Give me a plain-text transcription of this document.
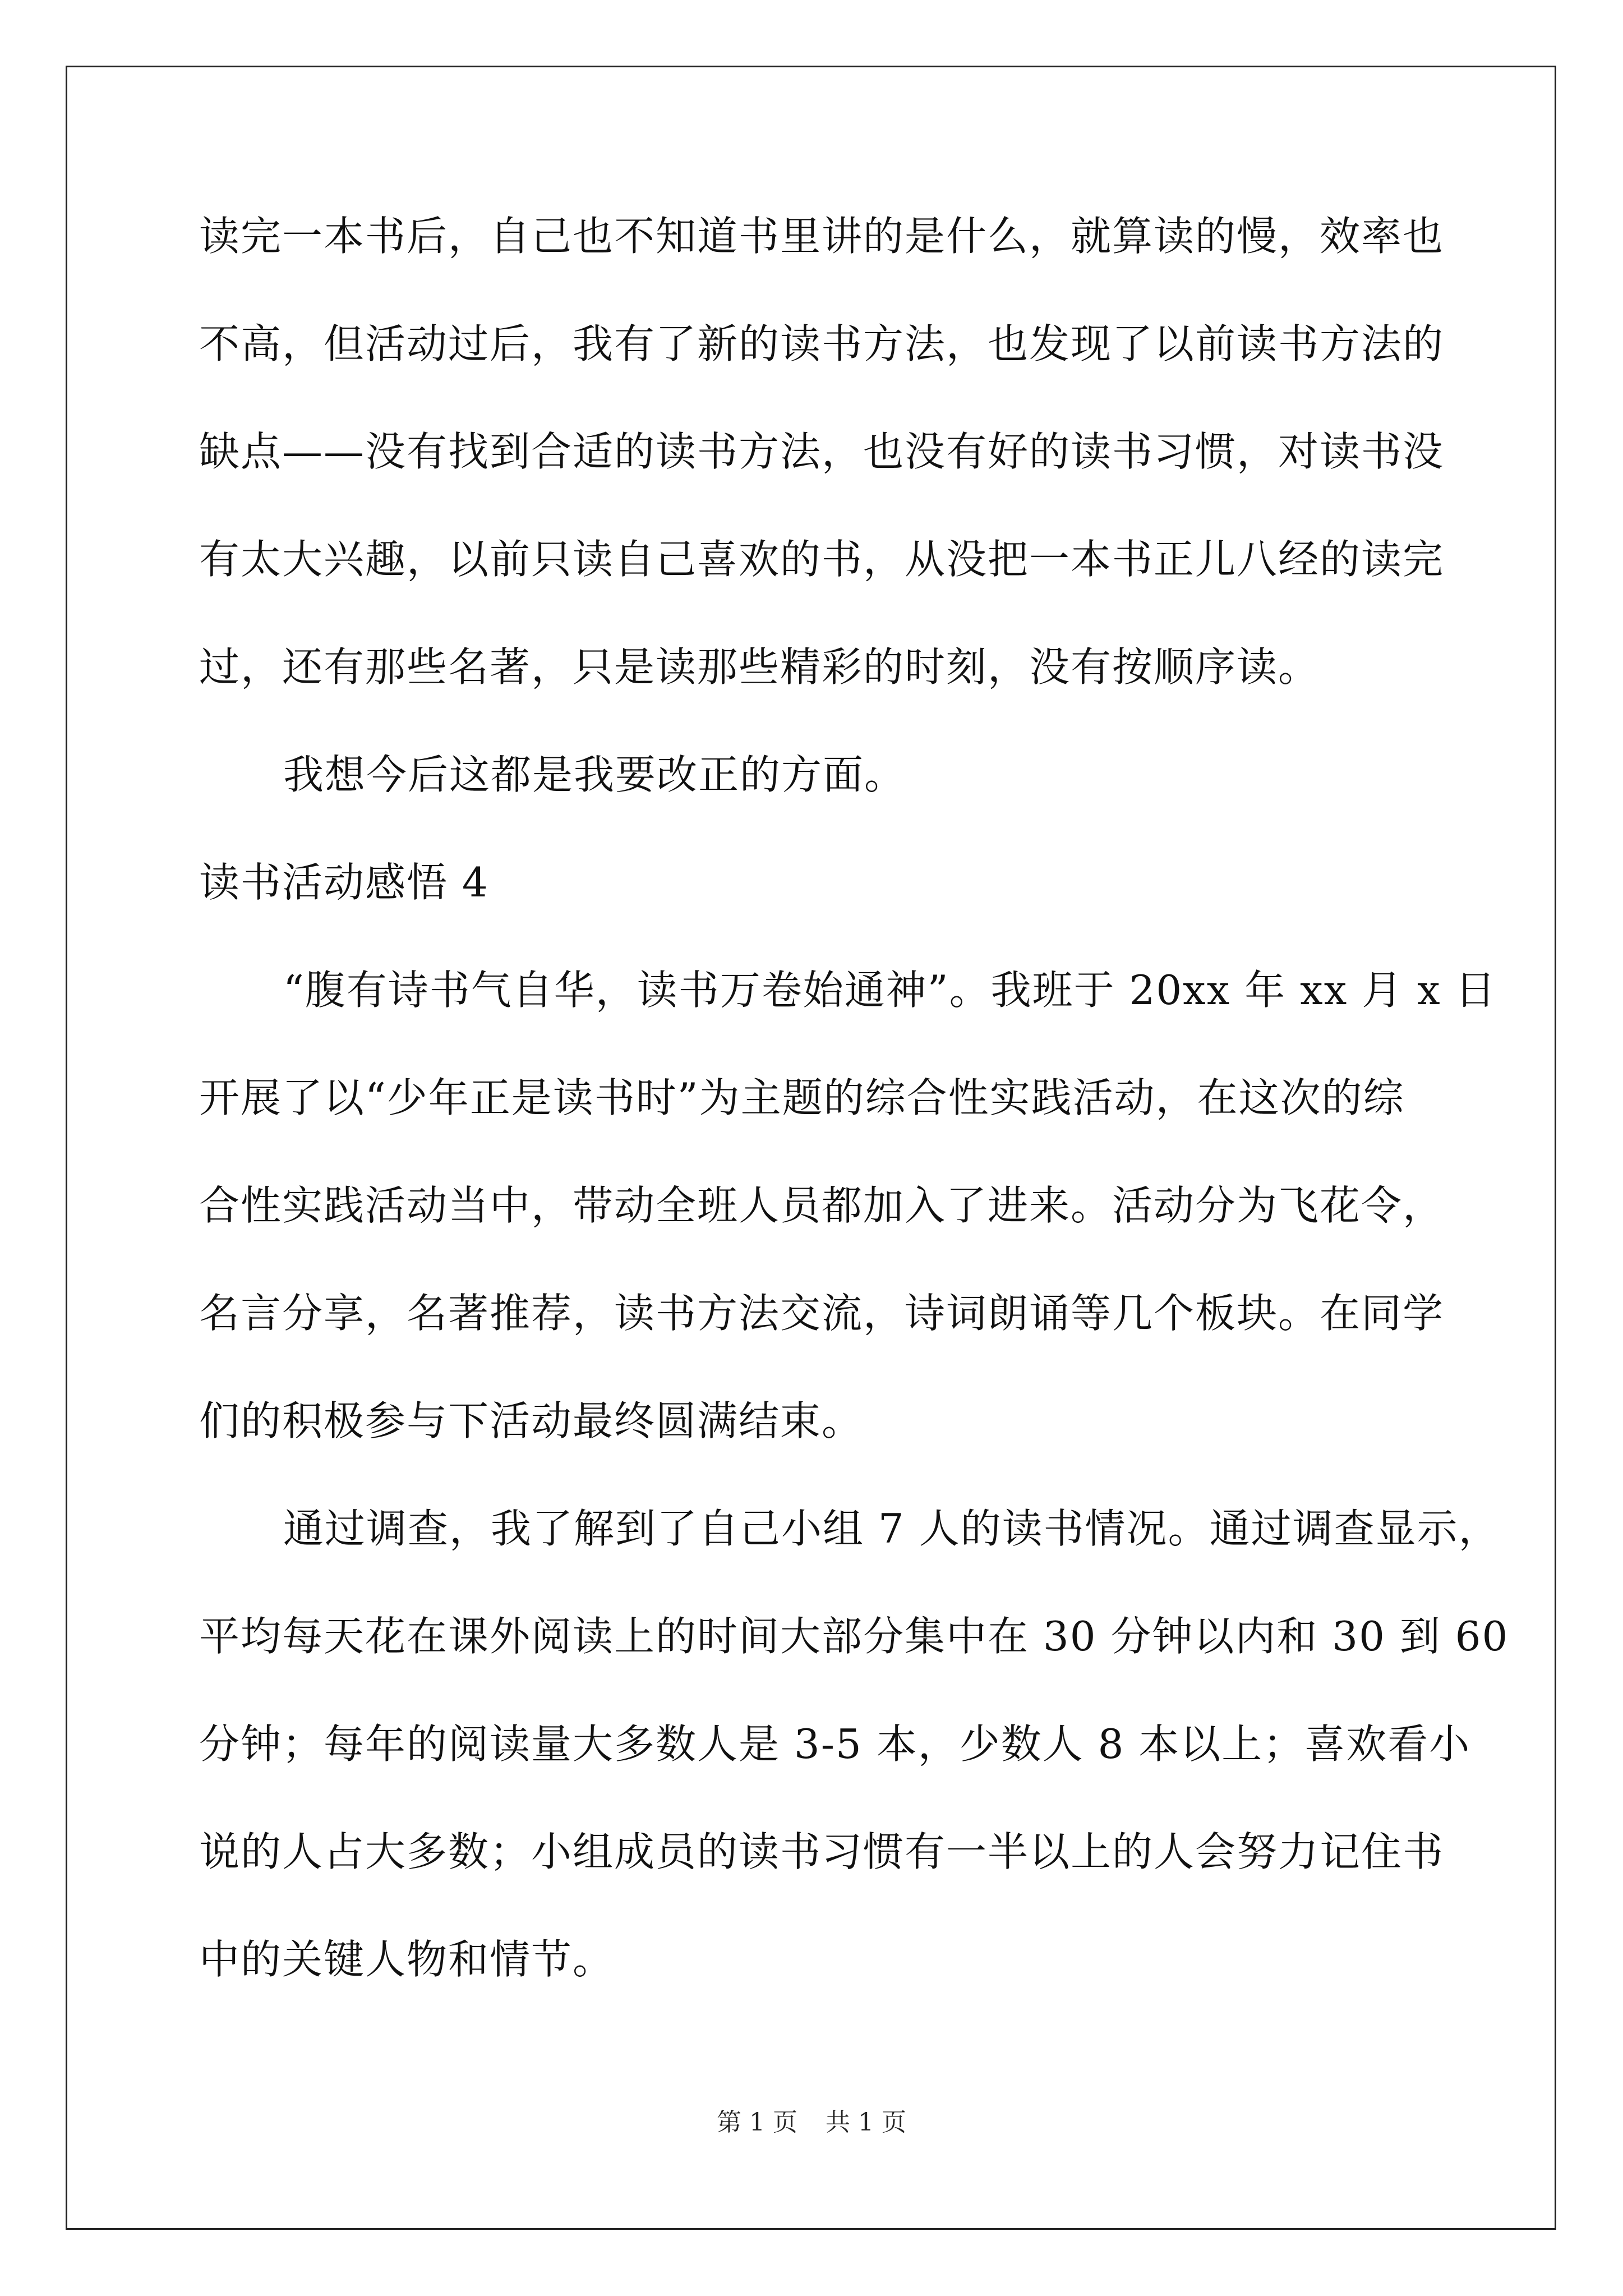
读完一本书后，自己也不知道书里讲的是什么，就算读的慢，效率也
不高，但活动过后，我有了新的读书方法，也发现了以前读书方法的
缺点——没有找到合适的读书方法，也没有好的读书习惯，对读书没
有太大兴趣，以前只读自己喜欢的书，从没把一本书正儿八经的读完
过，还有那些名著，只是读那些精彩的时刻，没有按顺序读。
我想今后这都是我要改正的方面。
读书活动感悟 4
“腹有诗书气自华，读书万卷始通神”。我班于 20xx 年 xx 月 x 日
开展了以“少年正是读书时”为主题的综合性实践活动，在这次的综
合性实践活动当中，带动全班人员都加入了进来。活动分为飞花令，
名言分享，名著推荐，读书方法交流，诗词朗诵等几个板块。在同学
们的积极参与下活动最终圆满结束。
通过调查，我了解到了自己小组 7 人的读书情况。通过调查显示，
平均每天花在课外阅读上的时间大部分集中在 30 分钟以内和 30 到 60
分钟；每年的阅读量大多数人是 3-5 本，少数人 8 本以上；喜欢看小
说的人占大多数；小组成员的读书习惯有一半以上的人会努力记住书
中的关键人物和情节。
第 1 页 共 1 页
